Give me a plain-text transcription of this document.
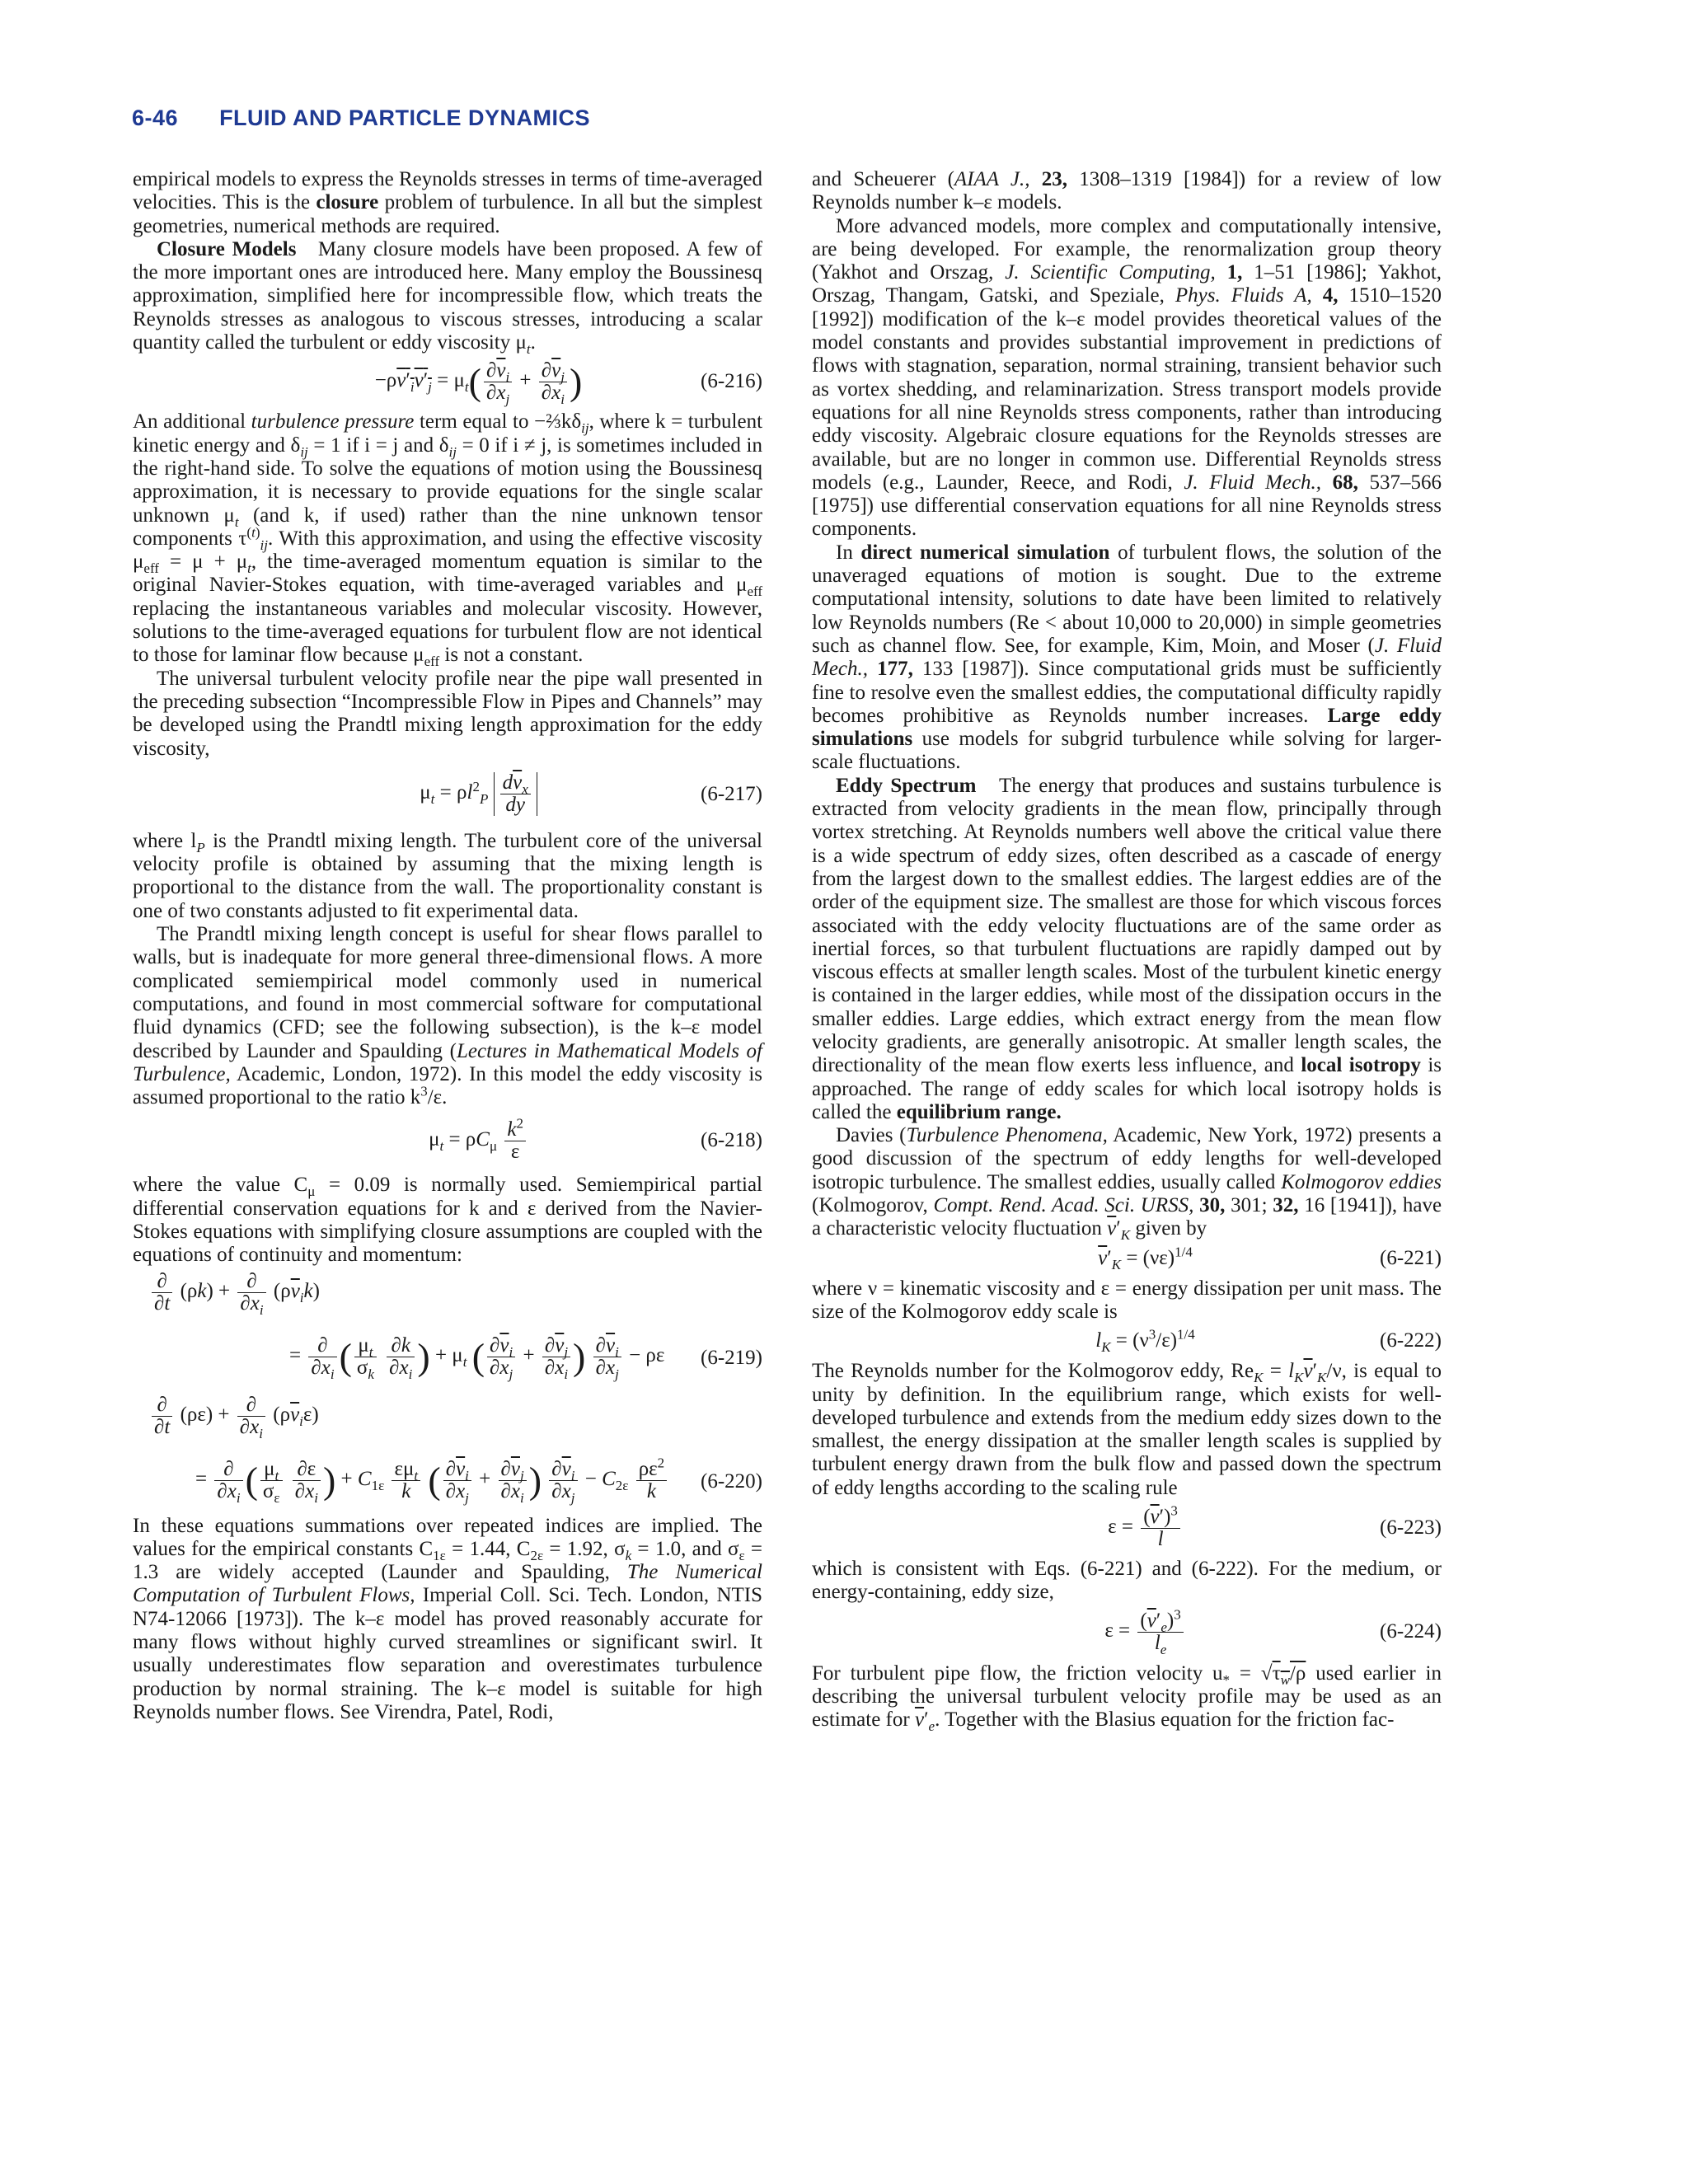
6-46 FLUID AND PARTICLE DYNAMICS

empirical models to express the Reynolds stresses in terms of time-averaged velocities. This is the closure problem of turbulence. In all but the simplest geometries, numerical methods are required.

Closure Models Many closure models have been proposed. A few of the more important ones are introduced here. Many employ the Boussinesq approximation, simplified here for incompressible flow, which treats the Reynolds stresses as analogous to viscous stresses, introducing a scalar quantity called the turbulent or eddy viscosity $\mu_t$.

$-\rho v'_iv'_j = \mu_t( \frac{\partial\overline{v}_i}{\partial x_j} + \frac{\partial\overline{v}_j}{\partial x_i}$ )	(6-216)

An additional turbulence pressure term equal to $-\frac{2}{3}k\delta_{ij}$, where k = turbulent kinetic energy and $\delta_{ij} = 1$ if i = j and $\delta_{ij} = 0$ if i ≠ j, is sometimes included in the right-hand side. To solve the equations of motion using the Boussinesq approximation, it is necessary to provide equations for the single scalar unknown $\mu_t$ (and k, if used) rather than the nine unknown tensor components $\tau^{(t)}_{ij}$. With this approximation, and using the effective viscosity $\mu_{eff} = \mu + \mu_t$, the time-averaged momentum equation is similar to the original Navier-Stokes equation, with time-averaged variables and $\mu_{eff}$ replacing the instantaneous variables and molecular viscosity. However, solutions to the time-averaged equations for turbulent flow are not identical to those for laminar flow because $\mu_{eff}$ is not a constant.

The universal turbulent velocity profile near the pipe wall presented in the preceding subsection “Incompressible Flow in Pipes and Channels” may be developed using the Prandtl mixing length approximation for the eddy viscosity,

$\mu_t = \rho l^2_P \frac{d\overline{v}_x}{dy}$	(6-217)

where $l_P$ is the Prandtl mixing length. The turbulent core of the universal velocity profile is obtained by assuming that the mixing length is proportional to the distance from the wall. The proportionality constant is one of two constants adjusted to fit experimental data.

The Prandtl mixing length concept is useful for shear flows parallel to walls, but is inadequate for more general three-dimensional flows. A more complicated semiempirical model commonly used in numerical computations, and found in most commercial software for computational fluid dynamics (CFD; see the following subsection), is the k–ε model described by Launder and Spaulding (Lectures in Mathematical Models of Turbulence, Academic, London, 1972). In this model the eddy viscosity is assumed proportional to the ratio $k^3/\varepsilon$.

$\mu_t = \rho C_\mu \frac{k^2}{\varepsilon}$	(6-218)

where the value $C_\mu = 0.09$ is normally used. Semiempirical partial differential conservation equations for k and ε derived from the Navier-Stokes equations with simplifying closure assumptions are coupled with the equations of continuity and momentum:

$\frac{\partial}{\partial t} (\rho k) + \frac{\partial}{\partial x_i} (\rho\overline{v}_ik)$
= $\frac{\partial}{\partial x_i}$ ( $\frac{\mu_t}{\sigma_k}$
$\frac{\partial k}{\partial x_i}$ ) + $\mu_t$ ( $\frac{\partial\overline{v}_i}{\partial x_j} + \frac{\partial\overline{v}_j}{\partial x_i}$ ) $\frac{\partial\overline{v}_i}{\partial x_j} - \rho\varepsilon$ (6-219)
$\frac{\partial}{\partial t} (\rho\varepsilon) + \frac{\partial}{\partial x_i} (\rho\overline{v}_i\varepsilon)$
= $\frac{\partial}{\partial x_i}$ ( $\frac{\mu_t}{\sigma_\varepsilon}$
$\frac{\partial\varepsilon}{\partial x_i}$ ) + $C_{1\varepsilon} \frac{\varepsilon\mu_t}{k}$ ( $\frac{\partial\overline{v}_i}{\partial x_j} + \frac{\partial\overline{v}_j}{\partial x_i}$ ) $\frac{\partial\overline{v}_i}{\partial x_j} - C_{2\varepsilon} \frac{\rho\varepsilon^2}{k} (6-220)$

In these equations summations over repeated indices are implied. The values for the empirical constants $C_{1\varepsilon} = 1.44$, $C_{2\varepsilon} = 1.92$, $\sigma_k = 1.0$, and $\sigma_\varepsilon = 1.3$ are widely accepted (Launder and Spaulding, The Numerical Computation of Turbulent Flows, Imperial Coll. Sci. Tech. London, NTIS N74-12066 [1973]). The k–ε model has proved reasonably accurate for many flows without highly curved streamlines or significant swirl. It usually underestimates flow separation and overestimates turbulence production by normal straining. The k–ε model is suitable for high Reynolds number flows. See Virendra, Patel, Rodi,

and Scheuerer (AIAA J., 23, 1308–1319 [1984]) for a review of low Reynolds number k–ε models.

More advanced models, more complex and computationally intensive, are being developed. For example, the renormalization group theory (Yakhot and Orszag, J. Scientific Computing, 1, 1–51 [1986]; Yakhot, Orszag, Thangam, Gatski, and Speziale, Phys. Fluids A, 4, 1510–1520 [1992]) modification of the k–ε model provides theoretical values of the model constants and provides substantial improvement in predictions of flows with stagnation, separation, normal straining, transient behavior such as vortex shedding, and relaminarization. Stress transport models provide equations for all nine Reynolds stress components, rather than introducing eddy viscosity. Algebraic closure equations for the Reynolds stresses are available, but are no longer in common use. Differential Reynolds stress models (e.g., Launder, Reece, and Rodi, J. Fluid Mech., 68, 537–566 [1975]) use differential conservation equations for all nine Reynolds stress components.

In direct numerical simulation of turbulent flows, the solution of the unaveraged equations of motion is sought. Due to the extreme computational intensity, solutions to date have been limited to relatively low Reynolds numbers (Re < about 10,000 to 20,000) in simple geometries such as channel flow. See, for example, Kim, Moin, and Moser (J. Fluid Mech., 177, 133 [1987]). Since computational grids must be sufficiently fine to resolve even the smallest eddies, the computational difficulty rapidly becomes prohibitive as Reynolds number increases. Large eddy simulations use models for subgrid turbulence while solving for larger-scale fluctuations.

Eddy Spectrum The energy that produces and sustains turbulence is extracted from velocity gradients in the mean flow, principally through vortex stretching. At Reynolds numbers well above the critical value there is a wide spectrum of eddy sizes, often described as a cascade of energy from the largest down to the smallest eddies. The largest eddies are of the order of the equipment size. The smallest are those for which viscous forces associated with the eddy velocity fluctuations are of the same order as inertial forces, so that turbulent fluctuations are rapidly damped out by viscous effects at smaller length scales. Most of the turbulent kinetic energy is contained in the larger eddies, while most of the dissipation occurs in the smaller eddies. Large eddies, which extract energy from the mean flow velocity gradients, are generally anisotropic. At smaller length scales, the directionality of the mean flow exerts less influence, and local isotropy is approached. The range of eddy scales for which local isotropy holds is called the equilibrium range.

Davies (Turbulence Phenomena, Academic, New York, 1972) presents a good discussion of the spectrum of eddy lengths for well-developed isotropic turbulence. The smallest eddies, usually called Kolmogorov eddies (Kolmogorov, Compt. Rend. Acad. Sci. URSS, 30, 301; 32, 16 [1941]), have a characteristic velocity fluctuation $\overline{v}'_K$ given by

$\overline{v}'_K = (\nu\varepsilon)^{1/4}$	(6-221)

where ν = kinematic viscosity and ε = energy dissipation per unit mass. The size of the Kolmogorov eddy scale is

$l_K = (\nu^3/\varepsilon)^{1/4}$	(6-222)

The Reynolds number for the Kolmogorov eddy, $Re_K = l_K\overline{v}'_K/\nu$, is equal to unity by definition. In the equilibrium range, which exists for well-developed turbulence and extends from the medium eddy sizes down to the smallest, the energy dissipation at the smaller length scales is supplied by turbulent energy drawn from the bulk flow and passed down the spectrum of eddy lengths according to the scaling rule

$\varepsilon = \frac{(\overline{v}')^3}{l}$	(6-223)

which is consistent with Eqs. (6-221) and (6-222). For the medium, or energy-containing, eddy size,

$\varepsilon = \frac{(\overline{v}'_e)^3}{l_e}$	(6-224)

For turbulent pipe flow, the friction velocity $u_* = √\tau_w/\rho$ used earlier in describing the universal turbulent velocity profile may be used as an estimate for $\overline{v}'_e$. Together with the Blasius equation for the friction fac-
